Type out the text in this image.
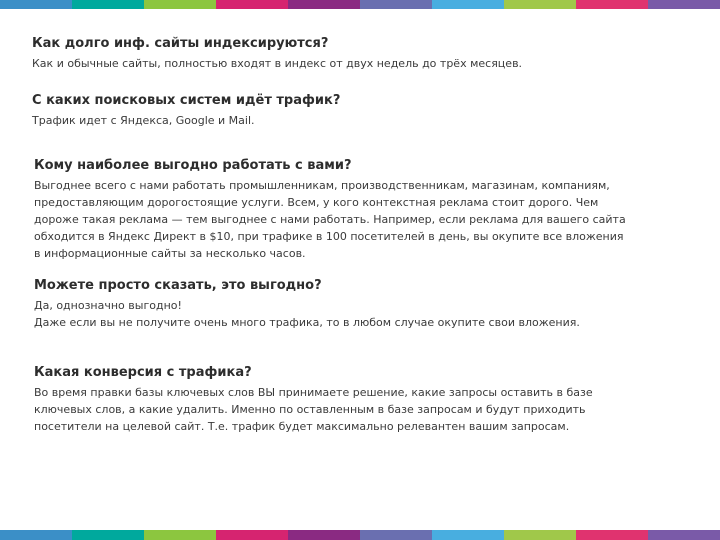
Как долго инф. сайты индексируются?
Как и обычные сайты, полностью входят в индекс от двух недель до трёх месяцев.
С каких поисковых систем идёт трафик?
Трафик идет с Яндекса, Google и Mail.
Кому наиболее выгодно работать с вами?
Выгоднее всего с нами работать промышленникам, производственникам, магазинам, компаниям,
предоставляющим дорогостоящие услуги. Всем, у кого контекстная реклама стоит дорого. Чем
дороже такая реклама — тем выгоднее с нами работать. Например, если реклама для вашего сайта
обходится в Яндекс Директ в $10, при трафике в 100 посетителей в день, вы окупите все вложения
в информационные сайты за несколько часов.
Можете просто сказать, это выгодно?
Да, однозначно выгодно!
Даже если вы не получите очень много трафика, то в любом случае окупите свои вложения.
Какая конверсия с трафика?
Во время правки базы ключевых слов ВЫ принимаете решение, какие запросы оставить в базе
ключевых слов, а какие удалить. Именно по оставленным в базе запросам и будут приходить
посетители на целевой сайт. Т.е. трафик будет максимально релевантен вашим запросам.
